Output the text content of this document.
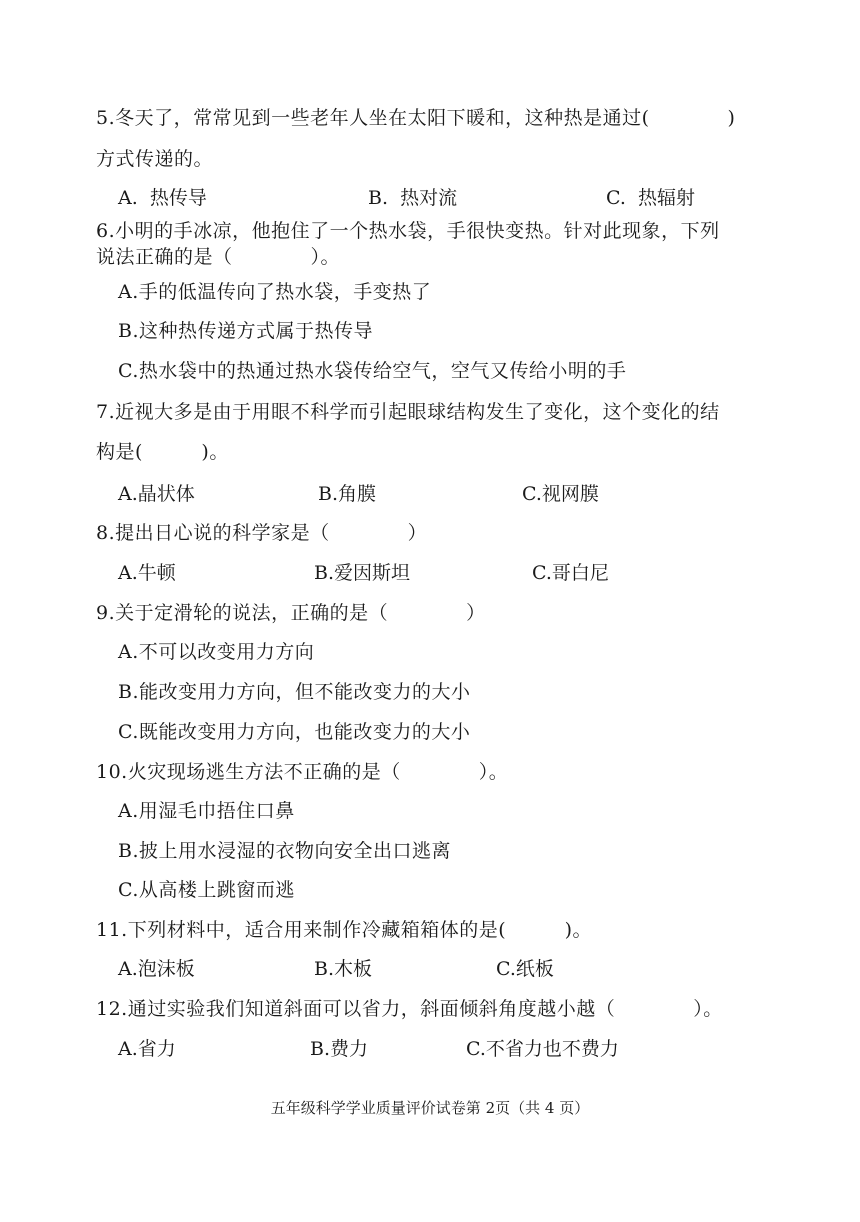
5.冬天了，常常见到一些老年人坐在太阳下暖和，这种热是通过(　　　　)
方式传递的。
A.  热传导	B.  热对流	C.  热辐射
6.小明的手冰凉，他抱住了一个热水袋，手很快变热。针对此现象，下列
说法正确的是（　　　　）。
A.手的低温传向了热水袋，手变热了
B.这种热传递方式属于热传导
C.热水袋中的热通过热水袋传给空气，空气又传给小明的手
7.近视大多是由于用眼不科学而引起眼球结构发生了变化，这个变化的结
构是(　　　)。
A.晶状体	B.角膜	C.视网膜
8.提出日心说的科学家是（　　　　）
A.牛顿	B.爱因斯坦	C.哥白尼
9.关于定滑轮的说法，正确的是（　　　　）
A.不可以改变用力方向
B.能改变用力方向，但不能改变力的大小
C.既能改变用力方向，也能改变力的大小
10.火灾现场逃生方法不正确的是（　　　　）。
A.用湿毛巾捂住口鼻
B.披上用水浸湿的衣物向安全出口逃离
C.从高楼上跳窗而逃
11.下列材料中，适合用来制作冷藏箱箱体的是(　　　)。
A.泡沫板	B.木板	C.纸板
12.通过实验我们知道斜面可以省力，斜面倾斜角度越小越（　　　　）。
A.省力	B.费力	C.不省力也不费力
五年级科学学业质量评价试卷第 2页（共 4 页）
